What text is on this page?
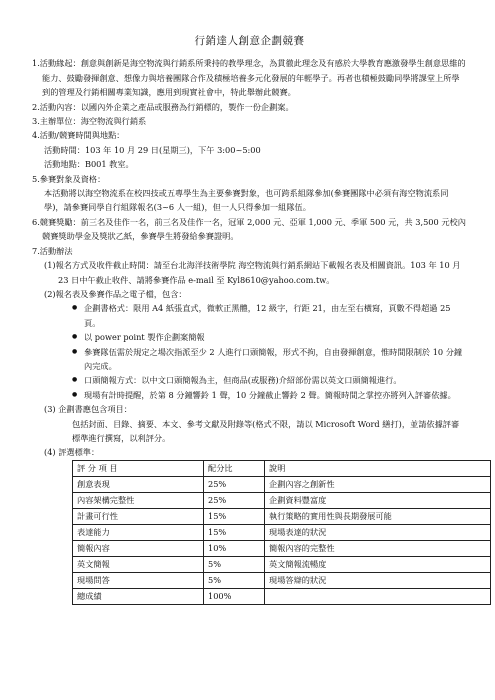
行銷達人創意企劃競賽

1.活動緣起：創意與創新是海空物流與行銷系所秉持的教學理念，為貫徹此理念及有感於大學教育應激發學生創意思維的能力、鼓勵發揮創意、想像力與培養團隊合作及積極培養多元化發展的年輕學子。再者也積極鼓勵同學將課堂上所學到的管理及行銷相關專業知識，應用到現實社會中，特此舉辦此競賽。

2.活動內容：以國內外企業之產品或服務為行銷標的，製作一份企劃案。

3.主辦單位：海空物流與行銷系

4.活動/競賽時間與地點：

活動時間：103 年 10 月 29 日(星期三)，下午 3:00~5:00

活動地點：B001 教室。

5.參賽對象及資格：

本活動將以海空物流系在校四技或五專學生為主要參賽對象，也可跨系組隊參加(參賽團隊中必須有海空物流系同學)，請參賽同學自行組隊報名(3~6 人一組)，但一人只得參加一組隊伍。

6.競賽獎勵：前三名及佳作一名，前三名及佳作一名，冠軍 2,000 元、亞軍 1,000 元、季軍 500 元，共 3,500 元校內競賽獎助學金及獎狀乙紙，參賽學生將發給參賽證明。

7.活動辦法

(1)報名方式及收件截止時間：請至台北海洋技術學院 海空物流與行銷系網站下載報名表及相關資訊。103 年 10 月 23 日中午截止收件、請將參賽作品 e-mail 至 Kyl8610@yahoo.com.tw。

(2)報名表及參賽作品之電子檔，包含：

● 企劃書格式：限用 A4 紙張直式，微軟正黑體，12 級字，行距 21，由左至右橫寫，頁數不得超過 25 頁。
● 以 power point 製作企劃案簡報
● 參賽隊伍需於規定之場次指派至少 2 人進行口頭簡報，形式不拘，自由發揮創意，惟時間限制於 10 分鐘內完成。
● 口頭簡報方式：以中文口頭簡報為主，但商品(或服務)介紹部份需以英文口頭簡報進行。
● 現場有計時提醒，於第 8 分鐘響鈴 1 聲，10 分鐘截止響鈴 2 聲。簡報時間之掌控亦將列入評審依據。

(3) 企劃書應包含項目：

包括封面、目錄、摘要、本文、參考文獻及附錄等(格式不限，請以 Microsoft Word 繕打)，並請依據評審標準進行撰寫，以利評分。

(4) 評選標準：

評 分 項 目	配分比	說明
創意表現	25%	企劃內容之創新性
內容架構完整性	25%	企劃資料豐富度
計畫可行性	15%	執行策略的實用性與長期發展可能
表達能力	15%	現場表達的狀況
簡報內容	10%	簡報內容的完整性
英文簡報	5%	英文簡報流暢度
現場問答	5%	現場答辯的狀況
總成績	100%	
